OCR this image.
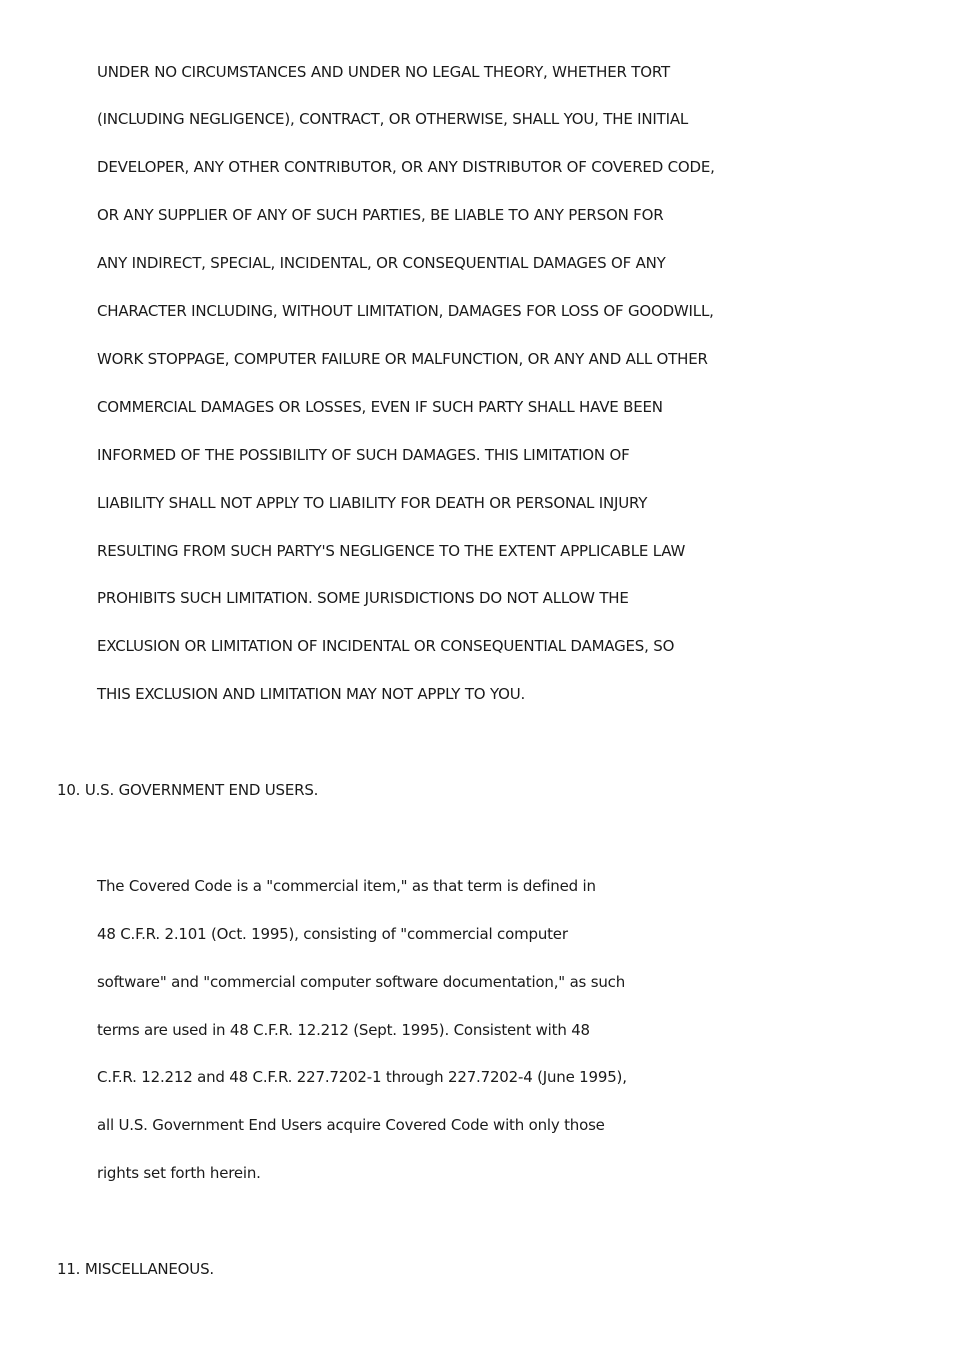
UNDER NO CIRCUMSTANCES AND UNDER NO LEGAL THEORY, WHETHER TORT
(INCLUDING NEGLIGENCE), CONTRACT, OR OTHERWISE, SHALL YOU, THE INITIAL
DEVELOPER, ANY OTHER CONTRIBUTOR, OR ANY DISTRIBUTOR OF COVERED CODE,
OR ANY SUPPLIER OF ANY OF SUCH PARTIES, BE LIABLE TO ANY PERSON FOR
ANY INDIRECT, SPECIAL, INCIDENTAL, OR CONSEQUENTIAL DAMAGES OF ANY
CHARACTER INCLUDING, WITHOUT LIMITATION, DAMAGES FOR LOSS OF GOODWILL,
WORK STOPPAGE, COMPUTER FAILURE OR MALFUNCTION, OR ANY AND ALL OTHER
COMMERCIAL DAMAGES OR LOSSES, EVEN IF SUCH PARTY SHALL HAVE BEEN
INFORMED OF THE POSSIBILITY OF SUCH DAMAGES. THIS LIMITATION OF
LIABILITY SHALL NOT APPLY TO LIABILITY FOR DEATH OR PERSONAL INJURY
RESULTING FROM SUCH PARTY'S NEGLIGENCE TO THE EXTENT APPLICABLE LAW
PROHIBITS SUCH LIMITATION. SOME JURISDICTIONS DO NOT ALLOW THE
EXCLUSION OR LIMITATION OF INCIDENTAL OR CONSEQUENTIAL DAMAGES, SO
THIS EXCLUSION AND LIMITATION MAY NOT APPLY TO YOU.
10. U.S. GOVERNMENT END USERS.
The Covered Code is a "commercial item," as that term is defined in
48 C.F.R. 2.101 (Oct. 1995), consisting of "commercial computer
software" and "commercial computer software documentation," as such
terms are used in 48 C.F.R. 12.212 (Sept. 1995). Consistent with 48
C.F.R. 12.212 and 48 C.F.R. 227.7202-1 through 227.7202-4 (June 1995),
all U.S. Government End Users acquire Covered Code with only those
rights set forth herein.
11. MISCELLANEOUS.
